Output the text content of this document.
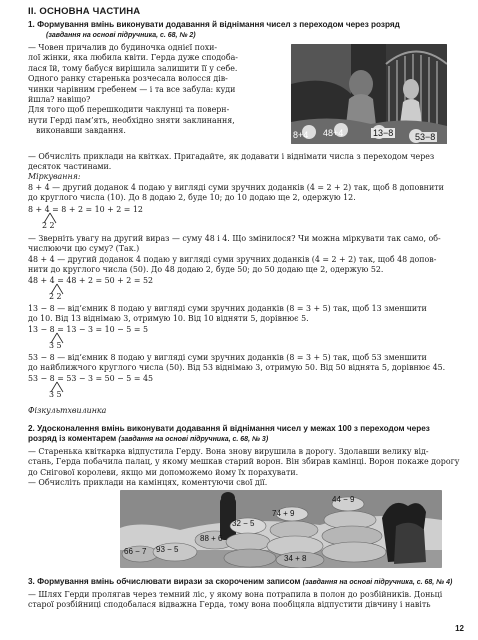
ІІ. ОСНОВНА ЧАСТИНА
1. Формування вмінь виконувати додавання й віднімання чисел з переходом через розряд
(завдання на основі підручника, с. 68, № 2)
— Човен причалив до будиночка однієї похи-
лої жінки, яка любила квіти. Герда дуже сподоба-
лася їй, тому бабуся вирішила залишити її у себе.
Одного ранку старенька розчесала волосся дів-
чинки чарівним гребенем — і та все забула: куди
йшла? навіщо?
Для того щоб перешкодити чаклунці та поверн-
нути Герді пам’ять, необхідно зняти заклинання,
виконавши завдання.	8+4 48+4	13−8 53−8
— Обчисліть приклади на квітках. Пригадайте, як додавати і віднімати числа з переходом через
десяток частинами.
Міркування:
8 + 4 — другий доданок 4 подаю у вигляді суми зручних доданків (4 = 2 + 2) так, щоб 8 доповнити
до круглого числа (10). До 8 додаю 2, буде 10; до 10 додаю ще 2, одержую 12.
8 + 4 = 8 + 2 = 10 + 2 = 12
2 2
— Зверніть увагу на другий вираз — суму 48 і 4. Що змінилося? Чи можна міркувати так само, об-
числюючи цю суму? (Так.)
48 + 4 — другий доданок 4 подаю у вигляді суми зручних доданків (4 = 2 + 2) так, щоб 48 допов-
нити до круглого числа (50). До 48 додаю 2, буде 50; до 50 додаю ще 2, одержую 52.
48 + 4 = 48 + 2 = 50 + 2 = 52
2 2
13 − 8 — від’ємник 8 подаю у вигляді суми зручних доданків (8 = 3 + 5) так, щоб 13 зменшити
до 10. Від 13 віднімаю 3, отримую 10. Від 10 відняти 5, дорівнює 5.
13 − 8 = 13 − 3 = 10 − 5 = 5
3 5
53 − 8 — від’ємник 8 подаю у вигляді суми зручних доданків (8 = 3 + 5) так, щоб 53 зменшити
до найближчого круглого числа (50). Від 53 віднімаю 3, отримую 50. Від 50 віднята 5, дорівнює 45.
53 − 8 = 53 − 3 = 50 − 5 = 45
3 5
Фізкультхвилинка
2. Удосконалення вмінь виконувати додавання й віднімання чисел у межах 100 з переходом через
розряд із коментарем (завдання на основі підручника, с. 68, № 3)
— Старенька квіткарка відпустила Герду. Вона знову вирушила в дорогу. Здолавши велику від-
стань, Герда побачила палац, у якому мешкав старий ворон. Він збирав камінці. Ворон покаже дорогу
до Снігової королеви, якщо ми допоможемо йому їх порахувати.
— Обчисліть приклади на камінцях, коментуючи свої дії.
66 − 7 93 − 5
88 + 6
32 − 5
74 + 9
34 + 8
44 − 9
3. Формування вмінь обчислювати вирази за скороченим записом (завдання на основі підручника, с. 68, № 4)
— Шлях Герди пролягав через темний ліс, у якому вона потрапила в полон до розбійників. Доньці
старої розбійниці сподобалася відважна Герда, тому вона пообіцяла відпустити дівчину і навіть
12
